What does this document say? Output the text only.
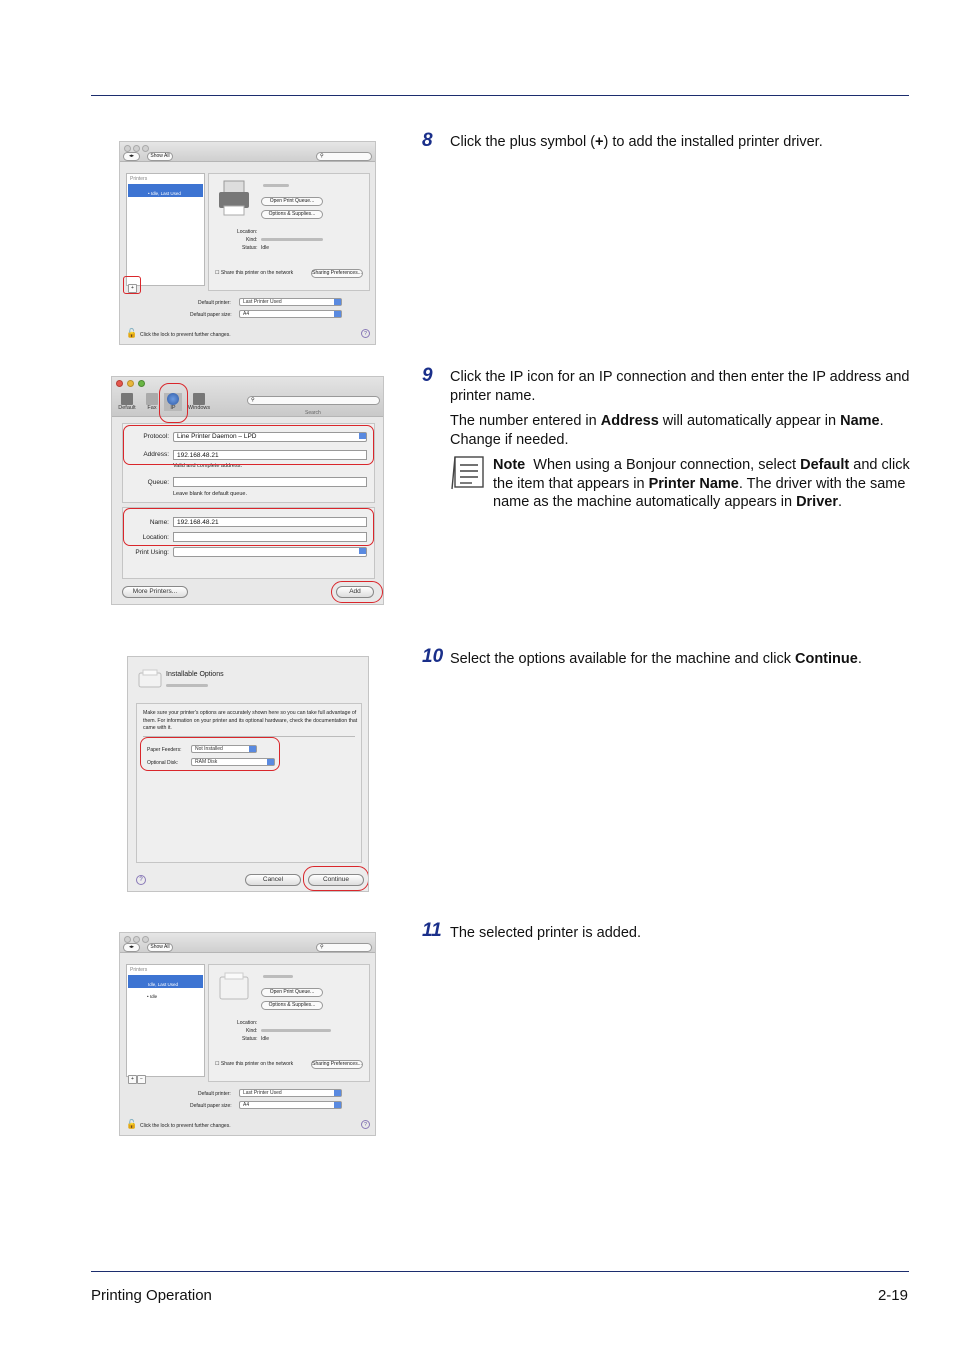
◂▸	Show All	⚲
Printers
• Idle, Last Used
+
Open Print Queue...
Options & Supplies...
Location:
Kind:
Status: Idle
☐ Share this printer on the network	Sharing Preferences...
Default printer:	Last Printer Used
Default paper size:	A4
🔓 Click the lock to prevent further changes.	?
8 Click the plus symbol (+) to add the installed printer driver.

Default	Fax	IP	Windows
⚲
Search
Protocol:	Line Printer Daemon – LPD
Address:	192.168.48.21
Valid and complete address.
Queue:
Leave blank for default queue.
Name:	192.168.48.21
Location:
Print Using:
More Printers...	Add
9 Click the IP icon for an IP connection and then enter the IP address and printer name.

The number entered in Address will automatically appear in Name. Change if needed.

Note When using a Bonjour connection, select Default and click the item that appears in Printer Name. The driver with the same name as the machine automatically appears in Driver.
Installable Options
Make sure your printer's options are accurately shown here so you can take full advantage of them. For information on your printer and its optional hardware, check the documentation that came with it.
Paper Feeders:	Not Installed
Optional Disk:	RAM Disk
?	Cancel	Continue
10 Select the options available for the machine and click Continue.

◂▸	Show All	⚲
Printers
Idle, Last Used
• Idle
+	−
Open Print Queue...
Options & Supplies...
Location:
Kind:
Status: Idle
☐ Share this printer on the network	Sharing Preferences...
Default printer:	Last Printer Used
Default paper size:	A4
🔓 Click the lock to prevent further changes.	?
11 The selected printer is added.

Printing Operation	2-19
